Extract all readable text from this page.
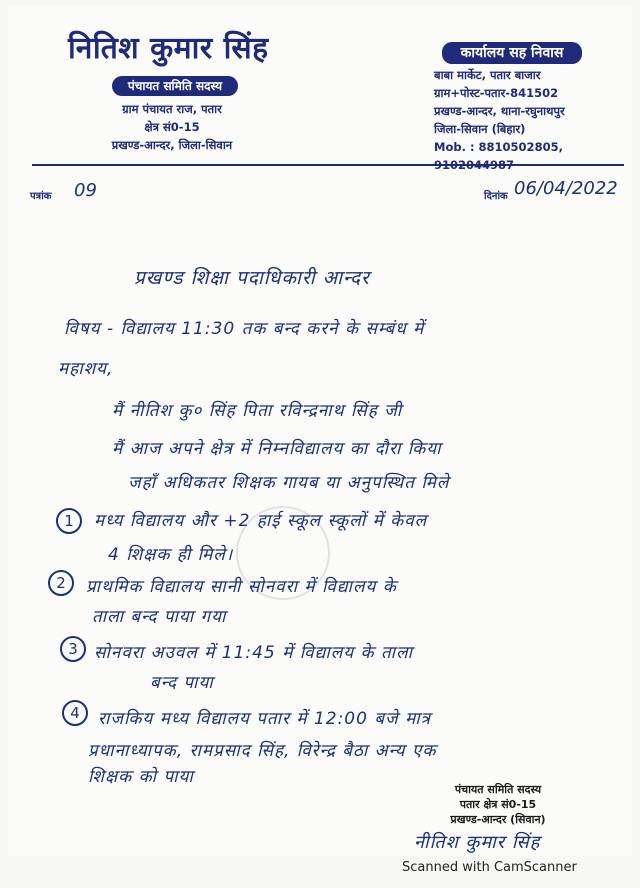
नितिश कुमार सिंह
पंचायत समिति सदस्य
ग्राम पंचायत राज, पतार
क्षेत्र सं0-15
प्रखण्ड-आन्दर, जिला-सिवान
कार्यालय सह निवास
बाबा मार्केट, पतार बाजार
ग्राम+पोस्ट-पतार-841502
प्रखण्ड-आन्दर, थाना-रघुनाथपुर
जिला-सिवान (बिहार)
Mob. : 8810502805,
पत्रांक 09	दिनांक 06/04/2022
प्रखण्ड शिक्षा पदाधिकारी आन्दर
विषय - विद्यालय 11:30 तक बन्द करने के सम्बंध में
महाशय,
मैं नीतिश कु० सिंह पिता रविन्द्रनाथ सिंह जी
मैं आज अपने क्षेत्र में निम्नविद्यालय का दौरा किया
जहाँ अधिकतर शिक्षक गायब या अनुपस्थित मिले
1	मध्य विद्यालय और +2 हाई स्कूल स्कूलों में केवल
4 शिक्षक ही मिले।
2	प्राथमिक विद्यालय सानी सोनवरा में विद्यालय के
ताला बन्द पाया गया
3 सोनवरा अउवल में 11:45 में विद्यालय के ताला
बन्द पाया
4	राजकिय मध्य विद्यालय पतार में 12:00 बजे मात्र
प्रधानाध्यापक, रामप्रसाद सिंह, विरेन्द्र बैठा अन्य एक
शिक्षक को पाया
पंचायत समिति सदस्य
पतार क्षेत्र सं0-15
प्रखण्ड-आन्दर (सिवान)
नीतिश कुमार सिंह
Scanned with CamScanner
